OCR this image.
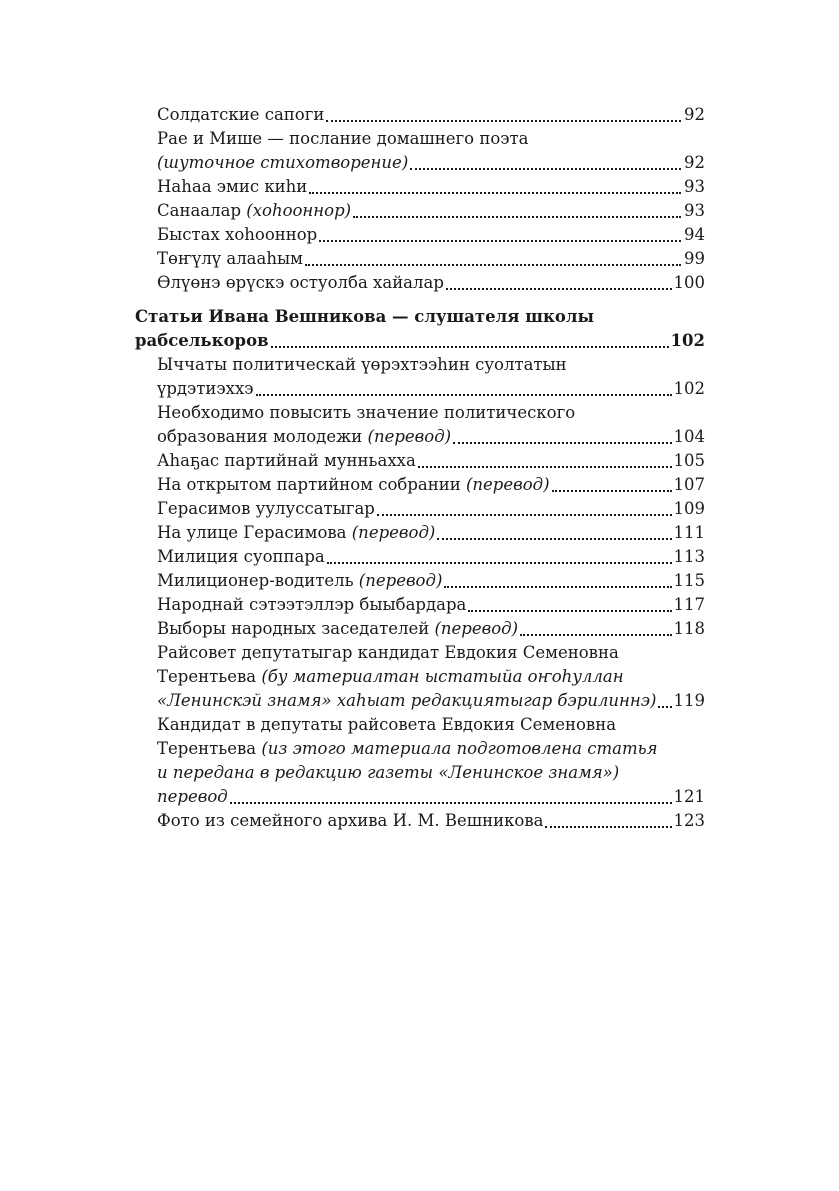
Солдатские сапоги	92
Рае и Мише — послание домашнего поэта
(шуточное стихотворение)	92
Наһаа эмис киһи	93
Санаалар (хоһооннор)	93
Быстах хоһооннор	94
Төҥүлү алааһым	99
Өлүөнэ өрүскэ остуолба хайалар	100
Статьи Ивана Вешникова — слушателя школы
рабселькоров	102
Ыччаты политическай үөрэхтээһин суолтатын
үрдэтиэххэ	102
Необходимо повысить значение политического
образования молодежи (перевод)	104
Аһаҕас партийнай мунньахха	105
На открытом партийном собрании (перевод)	107
Герасимов уулуссатыгар	109
На улице Герасимова (перевод)	111
Милиция суоппара	113
Милиционер-водитель (перевод)	115
Народнай сэтээтэллэр быыбардара	117
Выборы народных заседателей (перевод)	118
Райсовет депутатыгар кандидат Евдокия Семеновна
Терентьева (бу материалтан ыстатыйа оҥоһуллан
«Ленинскэй знамя» хаһыат редакциятыгар бэрилиннэ) 119
Кандидат в депутаты райсовета Евдокия Семеновна
Терентьева (из этого материала подготовлена статья
и передана в редакцию газеты «Ленинское знамя»)
перевод	121
Фото из семейного архива И. М. Вешникова	123
